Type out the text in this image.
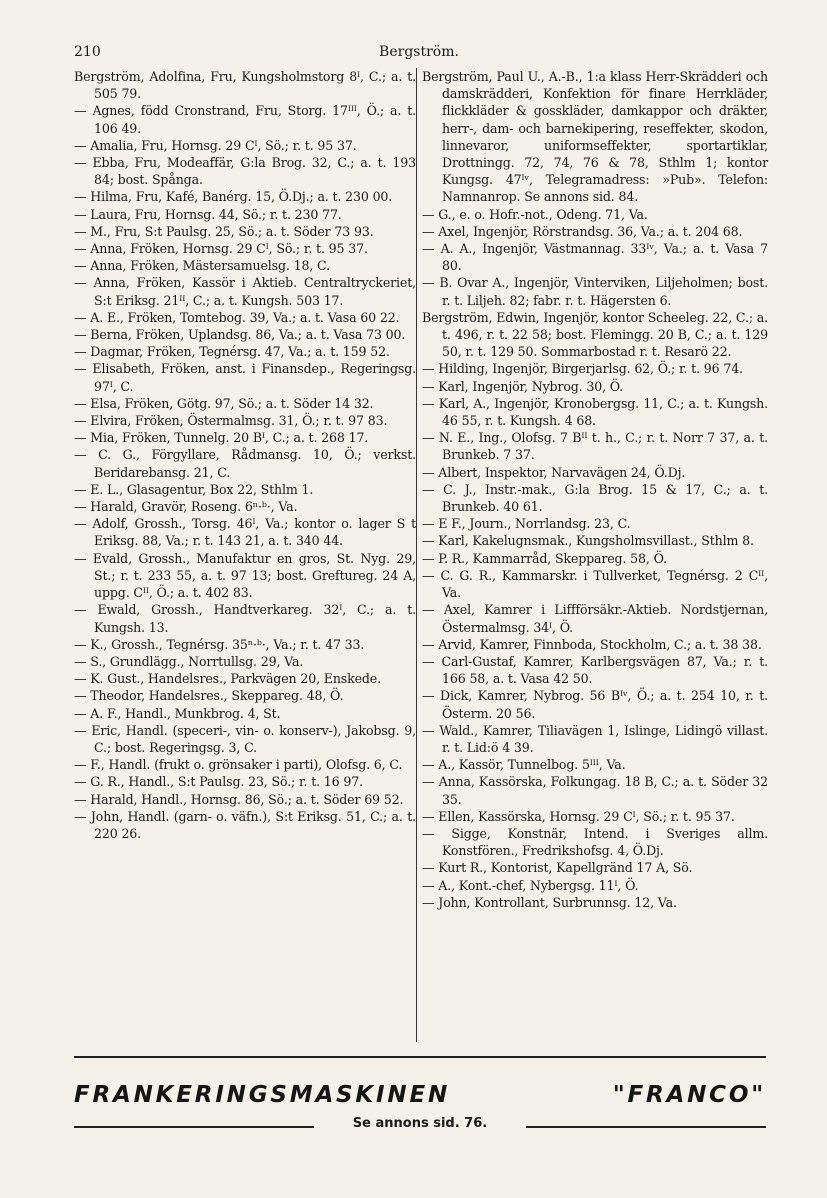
210	Bergström.
Bergström, Adolfina, Fru, Kungsholmstorg 8ᴵ, C.; a. t. 505 79.
— Agnes, född Cronstrand, Fru, Storg. 17ᴵᴵᴵ, Ö.; a. t. 106 49.
— Amalia, Fru, Hornsg. 29 Cᴵ, Sö.; r. t. 95 37.
— Ebba, Fru, Modeaffär, G:la Brog. 32, C.; a. t. 193 84; bost. Spånga.
— Hilma, Fru, Kafé, Banérg. 15, Ö.Dj.; a. t. 230 00.
— Laura, Fru, Hornsg. 44, Sö.; r. t. 230 77.
— M., Fru, S:t Paulsg. 25, Sö.; a. t. Söder 73 93.
— Anna, Fröken, Hornsg. 29 Cᴵ, Sö.; r. t. 95 37.
— Anna, Fröken, Mästersamuelsg. 18, C.
— Anna, Fröken, Kassör i Aktieb. Centraltryckeriet, S:t Eriksg. 21ᴵᴵ, C.; a. t. Kungsh. 503 17.
— A. E., Fröken, Tomtebog. 39, Va.; a. t. Vasa 60 22.
— Berna, Fröken, Uplandsg. 86, Va.; a. t. Vasa 73 00.
— Dagmar, Fröken, Tegnérsg. 47, Va.; a. t. 159 52.
— Elisabeth, Fröken, anst. i Finansdep., Regeringsg. 97ᴵ, C.
— Elsa, Fröken, Götg. 97, Sö.; a. t. Söder 14 32.
— Elvira, Fröken, Östermalmsg. 31, Ö.; r. t. 97 83.
— Mia, Fröken, Tunnelg. 20 Bᴵ, C.; a. t. 268 17.
— C. G., Förgyllare, Rådmansg. 10, Ö.; verkst. Beridarebansg. 21, C.
— E. L., Glasagentur, Box 22, Sthlm 1.
— Harald, Gravör, Roseng. 6ⁿ·ᵇ·, Va.
— Adolf, Grossh., Torsg. 46ᴵ, Va.; kontor o. lager S t Eriksg. 88, Va.; r. t. 143 21, a. t. 340 44.
— Evald, Grossh., Manufaktur en gros, St. Nyg. 29, St.; r. t. 233 55, a. t. 97 13; bost. Greftureg. 24 A, uppg. Cᴵᴵ, Ö.; a. t. 402 83.
— Ewald, Grossh., Handtverkareg. 32ᴵ, C.; a. t. Kungsh. 13.
— K., Grossh., Tegnérsg. 35ⁿ·ᵇ·, Va.; r. t. 47 33.
— S., Grundlägg., Norrtullsg. 29, Va.
— K. Gust., Handelsres., Parkvägen 20, Enskede.
— Theodor, Handelsres., Skeppareg. 48, Ö.
— A. F., Handl., Munkbrog. 4, St.
— Eric, Handl. (speceri-, vin- o. konserv-), Jakobsg. 9, C.; bost. Regeringsg. 3, C.
— F., Handl. (frukt o. grönsaker i parti), Olofsg. 6, C.
— G. R., Handl., S:t Paulsg. 23, Sö.; r. t. 16 97.
— Harald, Handl., Hornsg. 86, Sö.; a. t. Söder 69 52.
— John, Handl. (garn- o. väfn.), S:t Eriksg. 51, C.; a. t. 220 26.
Bergström, Paul U., A.-B., 1:a klass Herr-Skrädderi och damskrädderi, Konfektion för finare Herrkläder, flickkläder & gosskläder, damkappor och dräkter, herr-, dam- och barnekipering, reseffekter, skodon, linnevaror, uniformseffekter, sportartiklar, Drottningg. 72, 74, 76 & 78, Sthlm 1; kontor Kungsg. 47ᴵᵛ, Telegramadress: »Pub». Telefon: Namnanrop. Se annons sid. 84.
— G., e. o. Hofr.-not., Odeng. 71, Va.
— Axel, Ingenjör, Rörstrandsg. 36, Va.; a. t. 204 68.
— A. A., Ingenjör, Västmannag. 33ᴵᵛ, Va.; a. t. Vasa 7 80.
— B. Ovar A., Ingenjör, Vinterviken, Liljeholmen; bost. r. t. Liljeh. 82; fabr. r. t. Hägersten 6.
Bergström, Edwin, Ingenjör, kontor Scheeleg. 22, C.; a. t. 496, r. t. 22 58; bost. Flemingg. 20 B, C.; a. t. 129 50, r. t. 129 50. Sommarbostad r. t. Resarö 22.
— Hilding, Ingenjör, Birgerjarlsg. 62, Ö.; r. t. 96 74.
— Karl, Ingenjör, Nybrog. 30, Ö.
— Karl, A., Ingenjör, Kronobergsg. 11, C.; a. t. Kungsh. 46 55, r. t. Kungsh. 4 68.
— N. E., Ing., Olofsg. 7 Bᴵᴵ t. h., C.; r. t. Norr 7 37, a. t. Brunkeb. 7 37.
— Albert, Inspektor, Narvavägen 24, Ö.Dj.
— C. J., Instr.-mak., G:la Brog. 15 & 17, C.; a. t. Brunkeb. 40 61.
— E F., Journ., Norrlandsg. 23, C.
— Karl, Kakelugnsmak., Kungsholmsvillast., Sthlm 8.
— P. R., Kammarråd, Skeppareg. 58, Ö.
— C. G. R., Kammarskr. i Tullverket, Tegnérsg. 2 Cᴵᴵ, Va.
— Axel, Kamrer i Liffförsäkr.-Aktieb. Nordstjernan, Östermalmsg. 34ᴵ, Ö.
— Arvid, Kamrer, Finnboda, Stockholm, C.; a. t. 38 38.
— Carl-Gustaf, Kamrer, Karlbergsvägen 87, Va.; r. t. 166 58, a. t. Vasa 42 50.
— Dick, Kamrer, Nybrog. 56 Bᴵᵛ, Ö.; a. t. 254 10, r. t. Österm. 20 56.
— Wald., Kamrer, Tiliavägen 1, Islinge, Lidingö villast. r. t. Lid:ö 4 39.
— A., Kassör, Tunnelbog. 5ᴵᴵᴵ, Va.
— Anna, Kassörska, Folkungag. 18 B, C.; a. t. Söder 32 35.
— Ellen, Kassörska, Hornsg. 29 Cᴵ, Sö.; r. t. 95 37.
— Sigge, Konstnär, Intend. i Sveriges allm. Konstfören., Fredrikshofsg. 4, Ö.Dj.
— Kurt R., Kontorist, Kapellgränd 17 A, Sö.
— A., Kont.-chef, Nybergsg. 11ᴵ, Ö.
— John, Kontrollant, Surbrunnsg. 12, Va.
FRANKERINGSMASKINEN	"FRANCO"
Se annons sid. 76.
